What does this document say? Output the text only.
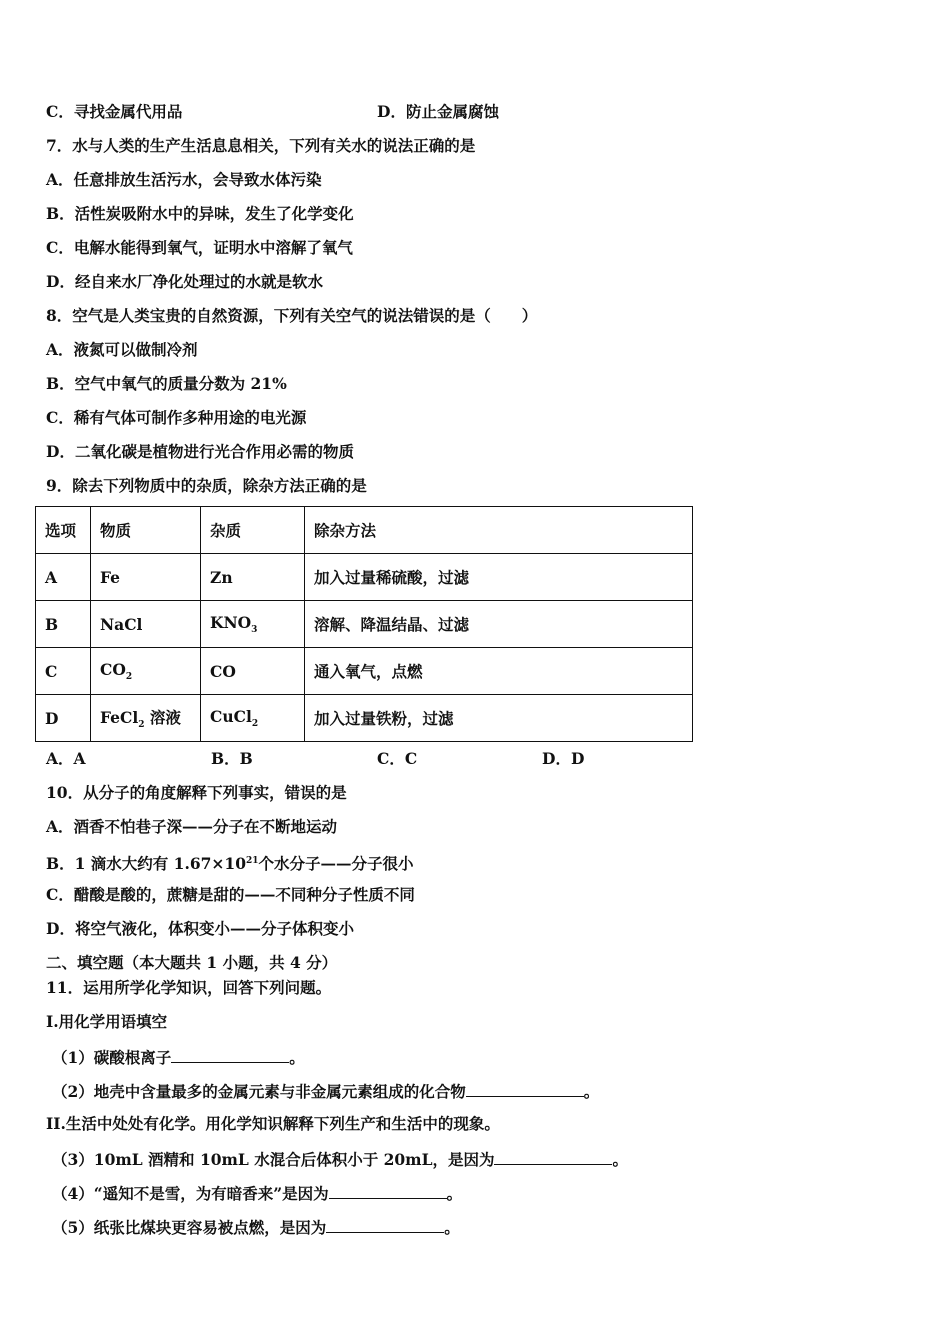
C．寻找金属代用品	D．防止金属腐蚀
7．水与人类的生产生活息息相关，下列有关水的说法正确的是
A．任意排放生活污水，会导致水体污染
B．活性炭吸附水中的异味，发生了化学变化
C．电解水能得到氧气，证明水中溶解了氧气
D．经自来水厂净化处理过的水就是软水
8．空气是人类宝贵的自然资源，下列有关空气的说法错误的是（　　）
A．液氮可以做制冷剂
B．空气中氧气的质量分数为 21%
C．稀有气体可制作多种用途的电光源
D．二氧化碳是植物进行光合作用必需的物质
9．除去下列物质中的杂质，除杂方法正确的是
选项	物质	杂质	除杂方法
A	Fe	Zn	加入过量稀硫酸，过滤
B	NaCl	$KNO_3$	溶解、降温结晶、过滤
C	$CO_2$	CO	通入氧气，点燃
D	FeCl$_2$ 溶液	CuCl$_2$	加入过量铁粉，过滤
A．A	B．B	C．C	D．D
10．从分子的角度解释下列事实，错误的是
A．酒香不怕巷子深——分子在不断地运动
B．1 滴水大约有 $1.67\times 10^{21}$个水分子——分子很小
C．醋酸是酸的，蔗糖是甜的——不同种分子性质不同
D．将空气液化，体积变小——分子体积变小
二、填空题（本大题共 1 小题，共 4 分）
11．运用所学化学知识，回答下列问题。
I.用化学用语填空
（1）碳酸根离子	。
（2）地壳中含量最多的金属元素与非金属元素组成的化合物	。
II.生活中处处有化学。用化学知识解释下列生产和生活中的现象。
（3）10mL 酒精和 10mL 水混合后体积小于 20mL，是因为	。
（4）“遥知不是雪，为有暗香来”是因为	。
（5）纸张比煤块更容易被点燃，是因为	。
